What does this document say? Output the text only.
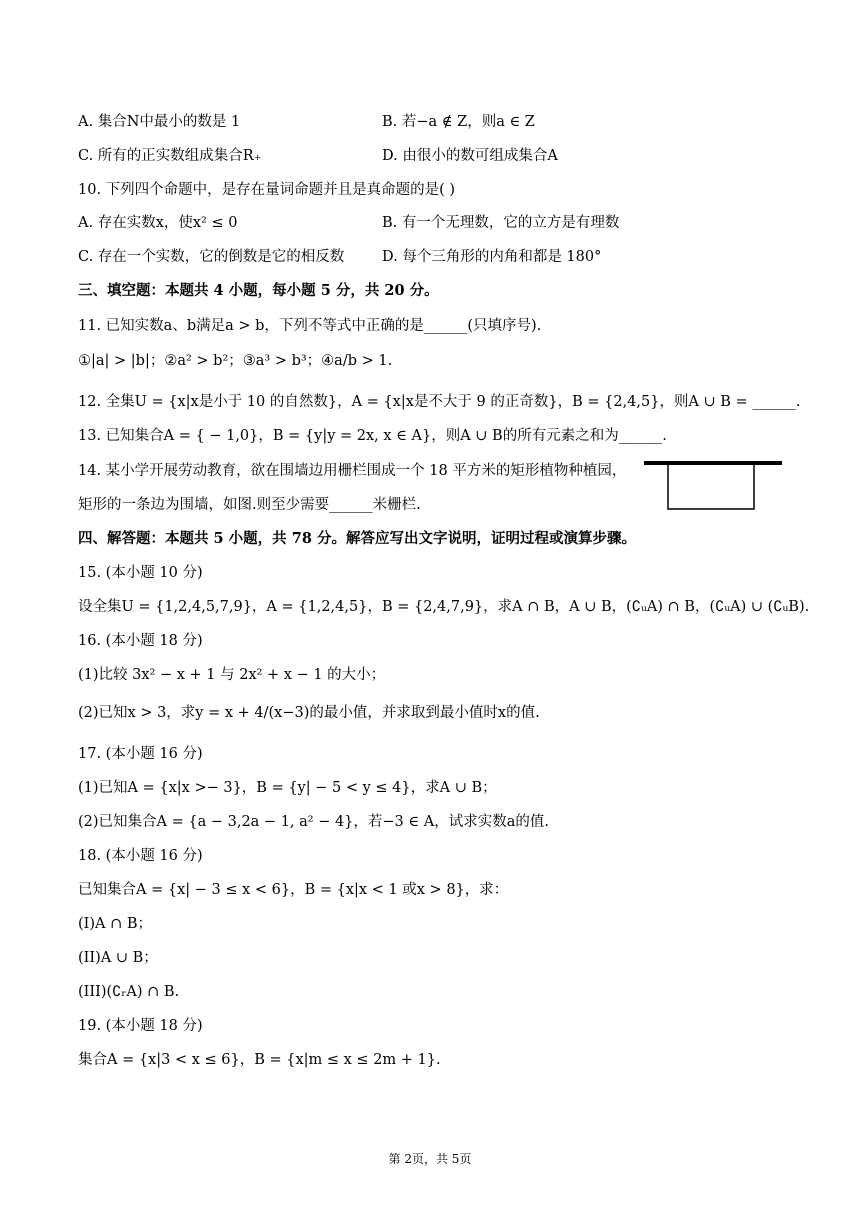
A. 集合N中最小的数是 1	B. 若−a ∉ Z，则a ∈ Z
C. 所有的正实数组成集合R₊	D. 由很小的数可组成集合A
10. 下列四个命题中，是存在量词命题并且是真命题的是( )
A. 存在实数x，使x² ≤ 0	B. 有一个无理数，它的立方是有理数
C. 存在一个实数，它的倒数是它的相反数	D. 每个三角形的内角和都是 180°
三、填空题：本题共 4 小题，每小题 5 分，共 20 分。
11. 已知实数a、b满足a > b，下列不等式中正确的是______(只填序号).
①|a| > |b|；②a² > b²；③a³ > b³；④a/b > 1.
12. 全集U = {x|x是小于 10 的自然数}，A = {x|x是不大于 9 的正奇数}，B = {2,4,5}，则A ∪ B = ______.
13. 已知集合A = { − 1,0}，B = {y|y = 2x, x ∈ A}，则A ∪ B的所有元素之和为______.
14. 某小学开展劳动教育，欲在围墙边用栅栏围成一个 18 平方米的矩形植物种植园，
矩形的一条边为围墙，如图.则至少需要______米栅栏.
四、解答题：本题共 5 小题，共 78 分。解答应写出文字说明，证明过程或演算步骤。
15. (本小题 10 分)
设全集U = {1,2,4,5,7,9}，A = {1,2,4,5}，B = {2,4,7,9}，求A ∩ B，A ∪ B，(∁ᵤA) ∩ B，(∁ᵤA) ∪ (∁ᵤB).
16. (本小题 18 分)
(1)比较 3x² − x + 1 与 2x² + x − 1 的大小；
(2)已知x > 3，求y = x + 4/(x−3)的最小值，并求取到最小值时x的值.
17. (本小题 16 分)
(1)已知A = {x|x >− 3}，B = {y| − 5 < y ≤ 4}，求A ∪ B；
(2)已知集合A = {a − 3,2a − 1, a² − 4}，若−3 ∈ A，试求实数a的值.
18. (本小题 16 分)
已知集合A = {x| − 3 ≤ x < 6}，B = {x|x < 1 或x > 8}，求：
(I)A ∩ B；
(II)A ∪ B；
(III)(∁ᵣA) ∩ B.
19. (本小题 18 分)
集合A = {x|3 < x ≤ 6}，B = {x|m ≤ x ≤ 2m + 1}.
第 2页，共 5页
